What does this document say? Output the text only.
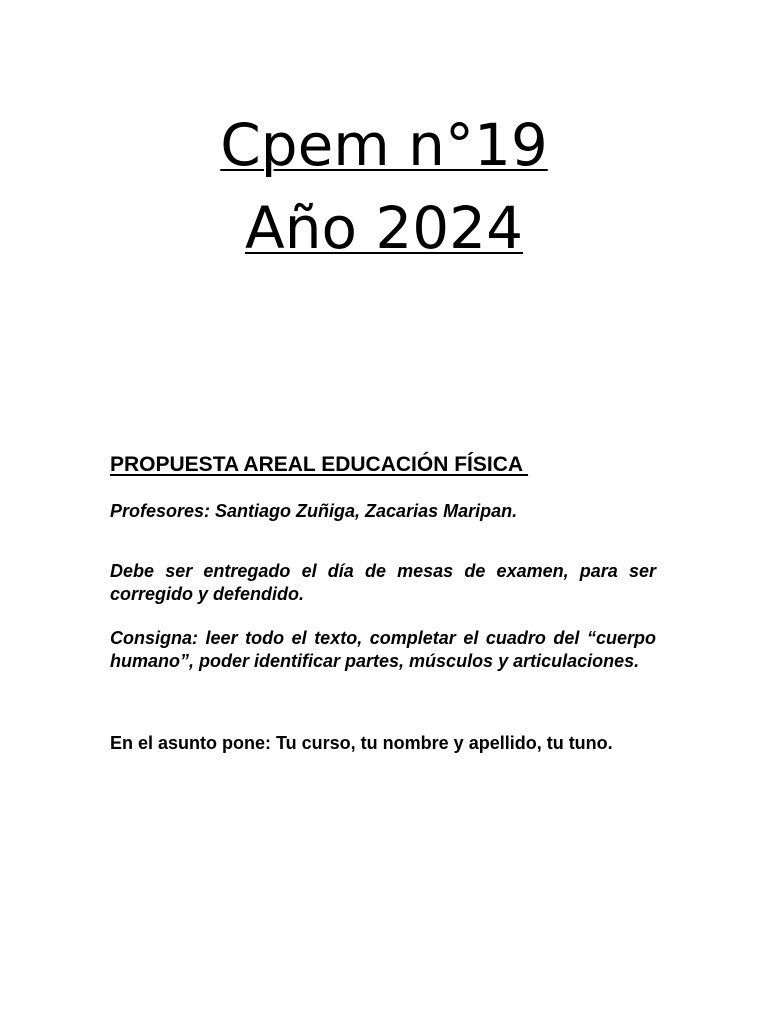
Cpem n°19
Año 2024
PROPUESTA AREAL EDUCACIÓN FÍSICA

Profesores: Santiago Zuñiga, Zacarias Maripan.

Debe ser entregado el día de mesas de examen, para ser corregido y defendido.

Consigna: leer todo el texto, completar el cuadro del “cuerpo humano”, poder identificar partes, músculos y articulaciones.

En el asunto pone: Tu curso, tu nombre y apellido, tu tuno.
